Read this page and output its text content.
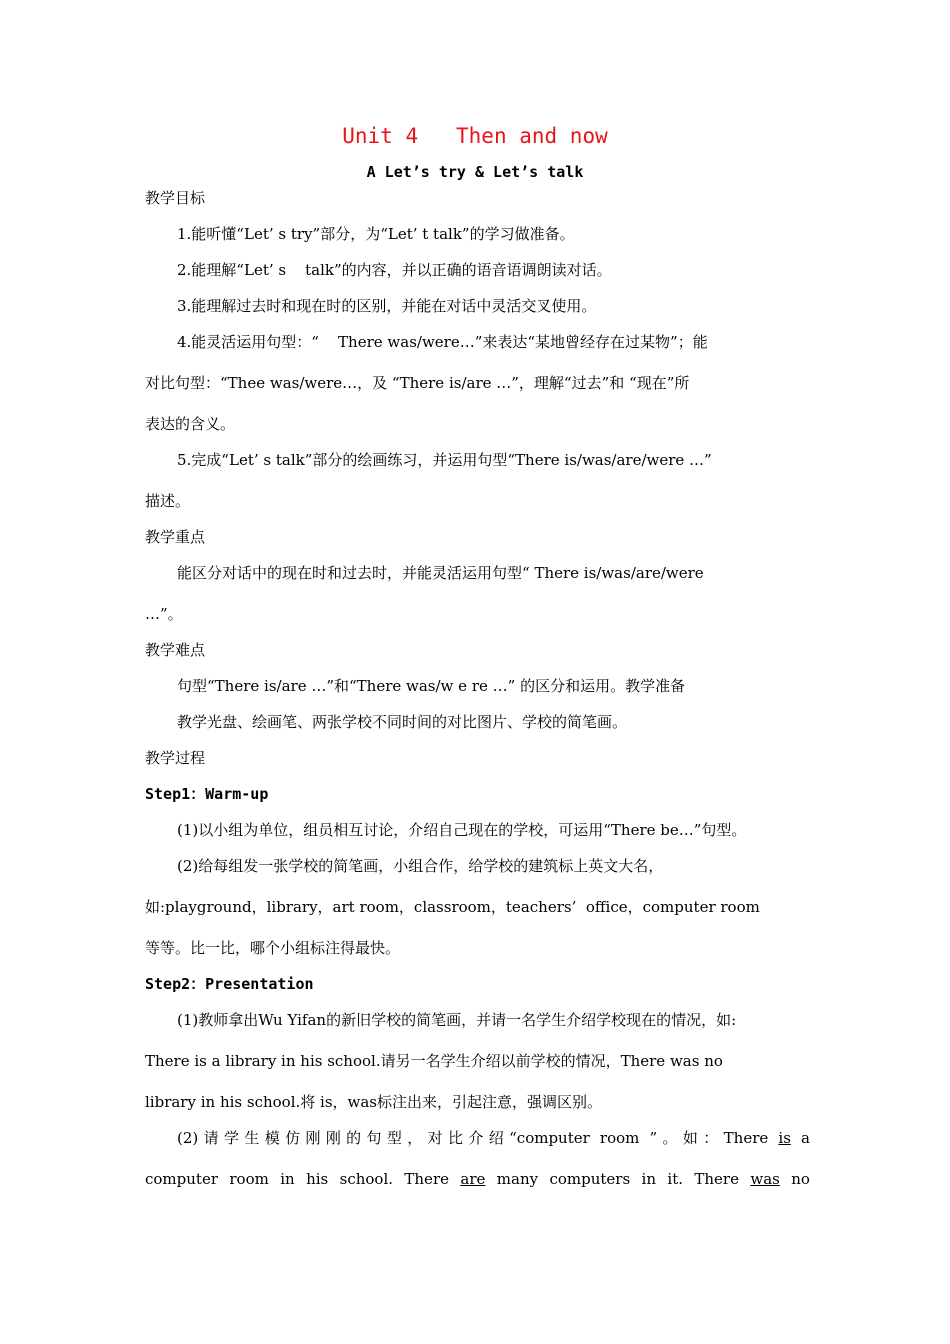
Unit 4   Then and now
A Let’s try & Let’s talk
教学目标
1.能听懂“Let’ s try”部分，为“Let’ t talk”的学习做准备。
2.能理解“Let’ s    talk”的内容，并以正确的语音语调朗读对话。
3.能理解过去时和现在时的区别，并能在对话中灵活交叉使用。
4.能灵活运用句型：“    There was/were…”来表达“某地曾经存在过某物”；能
对比句型：“Thee was/were…，及 “There is/are …”，理解“过去”和 “现在”所
表达的含义。
5.完成“Let’ s talk”部分的绘画练习，并运用句型“There is/was/are/were …”
描述。
教学重点
能区分对话中的现在时和过去时，并能灵活运用句型“ There is/was/are/were
…”。
教学难点
句型“There is/are …”和“There was/w e re …” 的区分和运用。教学准备
教学光盘、绘画笔、两张学校不同时间的对比图片、学校的简笔画。
教学过程
Step1：Warm-up
(1)以小组为单位，组员相互讨论，介绍自己现在的学校，可运用“There be…”句型。
(2)给每组发一张学校的简笔画，小组合作，给学校的建筑标上英文大名，
如:playground，library，art room，classroom，teachers’  office，computer room
等等。比一比，哪个小组标注得最快。
Step2：Presentation
(1)教师拿出Wu Yifan的新旧学校的简笔画，并请一名学生介绍学校现在的情况，如:
There is a library in his school.请另一名学生介绍以前学校的情况，There was no
library in his school.将 is，was标注出来，引起注意，强调区别。
(2)请学生模仿刚刚的句型，对比介绍“computer room ”。如：There is a
computer room in his school. There are many computers in it. There was no
